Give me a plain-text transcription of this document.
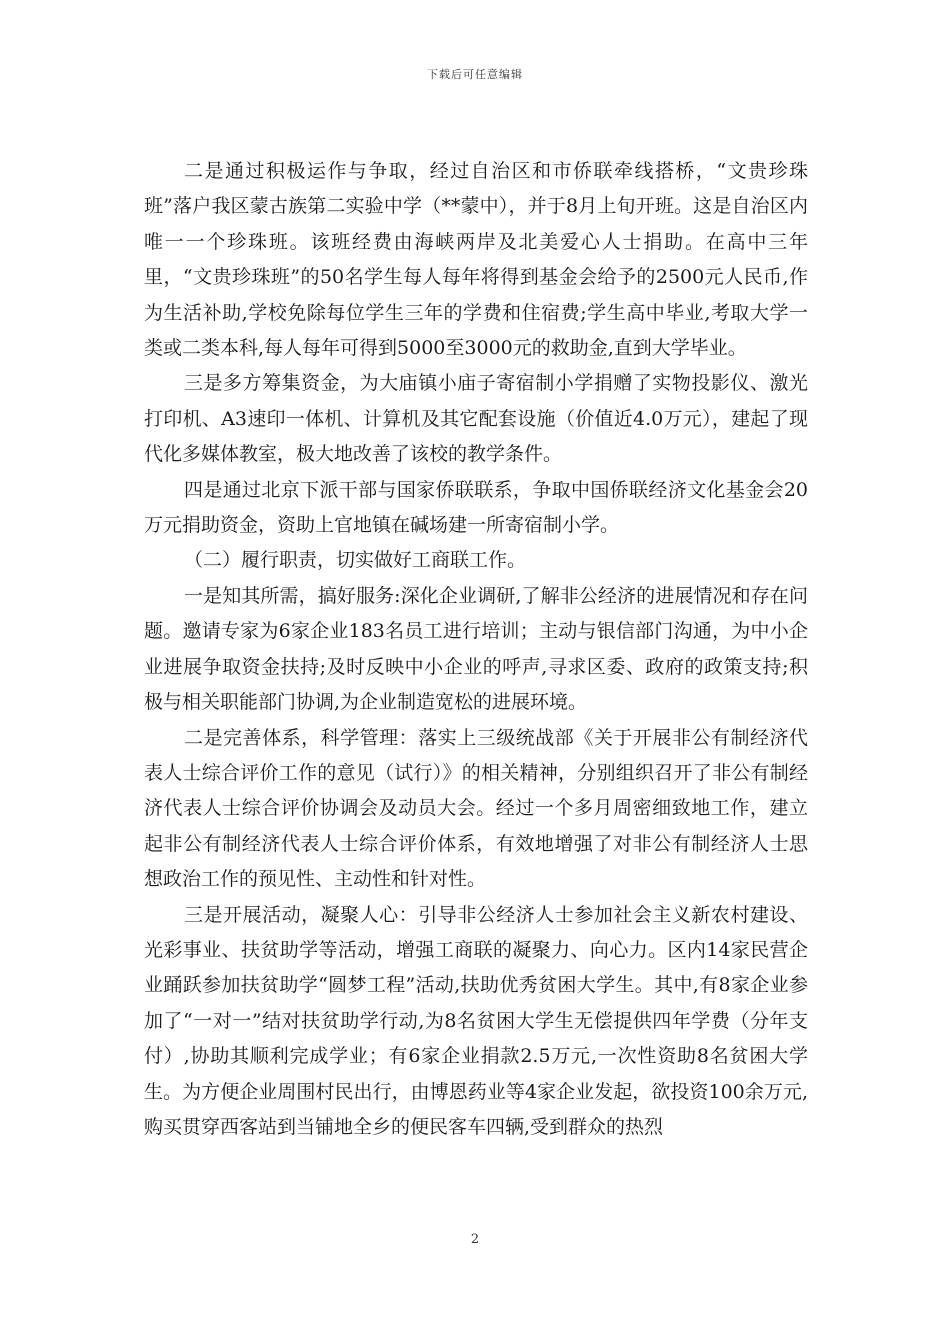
下载后可任意编辑

二是通过积极运作与争取，经过自治区和市侨联牵线搭桥，“文贵珍珠班”落户我区蒙古族第二实验中学（**蒙中），并于8月上旬开班。这是自治区内唯一一个珍珠班。该班经费由海峡两岸及北美爱心人士捐助。在高中三年里，“文贵珍珠班”的50名学生每人每年将得到基金会给予的2500元人民币,作为生活补助,学校免除每位学生三年的学费和住宿费;学生高中毕业,考取大学一类或二类本科,每人每年可得到5000至3000元的救助金,直到大学毕业。

三是多方筹集资金，为大庙镇小庙子寄宿制小学捐赠了实物投影仪、激光打印机、A3速印一体机、计算机及其它配套设施（价值近4.0万元），建起了现代化多媒体教室，极大地改善了该校的教学条件。

四是通过北京下派干部与国家侨联联系，争取中国侨联经济文化基金会20万元捐助资金，资助上官地镇在碱场建一所寄宿制小学。

（二）履行职责，切实做好工商联工作。

一是知其所需，搞好服务:深化企业调研,了解非公经济的进展情况和存在问题。邀请专家为6家企业183名员工进行培训；主动与银信部门沟通，为中小企业进展争取资金扶持;及时反映中小企业的呼声,寻求区委、政府的政策支持;积极与相关职能部门协调,为企业制造宽松的进展环境。

二是完善体系，科学管理：落实上三级统战部《关于开展非公有制经济代表人士综合评价工作的意见（试行）》的相关精神，分别组织召开了非公有制经济代表人士综合评价协调会及动员大会。经过一个多月周密细致地工作，建立起非公有制经济代表人士综合评价体系，有效地增强了对非公有制经济人士思想政治工作的预见性、主动性和针对性。

三是开展活动，凝聚人心：引导非公经济人士参加社会主义新农村建设、光彩事业、扶贫助学等活动，增强工商联的凝聚力、向心力。区内14家民营企业踊跃参加扶贫助学“圆梦工程”活动,扶助优秀贫困大学生。其中,有8家企业参加了“一对一”结对扶贫助学行动,为8名贫困大学生无偿提供四年学费（分年支付）,协助其顺利完成学业；有6家企业捐款2.5万元,一次性资助8名贫困大学生。为方便企业周围村民出行，由博恩药业等4家企业发起，欲投资100余万元,购买贯穿西客站到当铺地全乡的便民客车四辆,受到群众的热烈

2
